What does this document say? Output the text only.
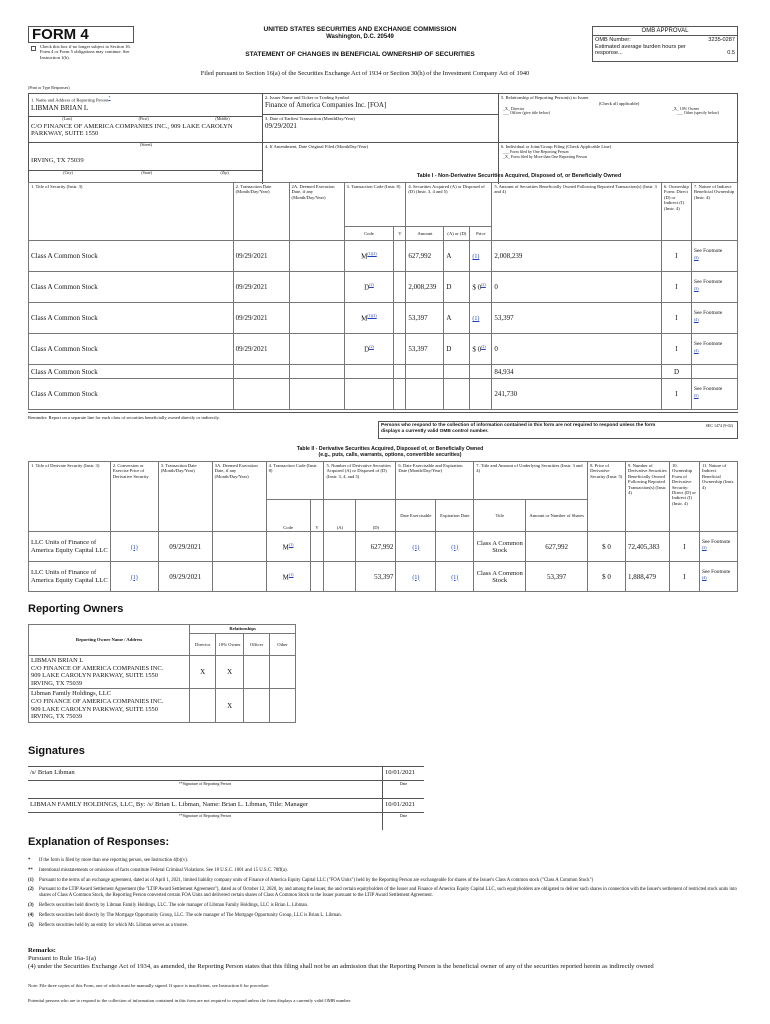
FORM 4
Check this box if no longer subject to Section 16. Form 4 or Form 5 obligations may continue. See Instruction 1(b).
UNITED STATES SECURITIES AND EXCHANGE COMMISSION
Washington, D.C. 20549
STATEMENT OF CHANGES IN BENEFICIAL OWNERSHIP OF SECURITIES
Filed pursuant to Section 16(a) of the Securities Exchange Act of 1934 or Section 30(h) of the Investment Company Act of 1940
OMB APPROVAL
OMB Number:	3235-0287
Estimated average burden hours per response...	0.5
(Print or Type Responses)
1. Name and Address of Reporting Person*
LIBMAN BRIAN L
(Last)	(First)	(Middle)
C/O FINANCE OF AMERICA COMPANIES INC., 909 LAKE CAROLYN PARKWAY, SUITE 1550
(Street)
IRVING, TX 75039
(City)	(State)	(Zip)
2. Issuer Name and Ticker or Trading Symbol
Finance of America Companies Inc. [FOA]
3. Date of Earliest Transaction (MonthDay/Year)
09/29/2021
4. If Amendment, Date Original Filed (MonthDay/Year)
5. Relationship of Reporting Person(s) to Issuer
(Check all applicable)
_X_ Director	_X_ 10% Owner
___ Officer (give title below)	___ Other (specify below)
6. Individual or Joint/Group Filing (Check Applicable Line)
___ Form filed by One Reporting Person
_X_ Form filed by More than One Reporting Person
Table I - Non-Derivative Securities Acquired, Disposed of, or Beneficially Owned
1. Title of Security (Instr. 3)	2. Transaction Date (Month/Day/Year)	2A. Deemed Execution Date, if any (Month/Day/Year)	3. Transaction Code (Instr. 8)		4. Securities Acquired (A) or Disposed of (D) (Instr. 3, 4 and 5)			5. Amount of Securities Beneficially Owned Following Reported Transaction(s) (Instr. 3 and 4)	6. Ownership Form: Direct (D) or Indirect (I) (Instr. 4)	7. Nature of Indirect Beneficial Ownership (Instr. 4)
			Code	V	Amount	(A) or (D)	Price			
Class A Common Stock	09/29/2021		$M^{(1)(2)}$		627,992	A	(1)	2,008,239	I	See Footnote
$^{(3)}$
Class A Common Stock	09/29/2021		$D^{(2)}$		2,008,239	D	$ 0$^{(2)}$	0	I	See Footnote
$^{(3)}$
Class A Common Stock	09/29/2021		$M^{(1)(2)}$		53,397	A	(1)	53,397	I	See Footnote
$^{(4)}$
Class A Common Stock	09/29/2021		$D^{(2)}$		53,397	D	$ 0$^{(2)}$	0	I	See Footnote
$^{(4)}$
Class A Common Stock								84,934	D	
Class A Common Stock								241,730	I	See Footnote
$^{(5)}$
Reminder: Report on a separate line for each class of securities beneficially owned directly or indirectly.
Persons who respond to the collection of information contained in this form are not required to respond unless the form displays a currently valid OMB control number.
SEC 1474 (9-02)
Table II - Derivative Securities Acquired, Disposed of, or Beneficially Owned
(e.g., puts, calls, warrants, options, convertible securities)
1. Title of Derivate Security (Instr. 3)	2. Conversion or Exercise Price of Derivative Security	3. Transaction Date (Month/Day/Year)	3A. Deemed Execution Date, if any (Month/Day/Year)	4. Transaction Code (Instr. 8)		5. Number of Derivative Securities Acquired (A) or Disposed of (D) (Instr. 3, 4, and 5)		6. Date Exercisable and Expiration Date (Month/Day/Year)		7. Title and Amount of Underlying Securities (Instr. 3 and 4)		8. Price of Derivative Security (Instr. 5)	9. Number of Derivative Securities Beneficially Owned Following Reported Transaction(s) (Instr. 4)	10. Ownership Form of Derivative Security: Direct (D) or Indirect (I) (Instr. 4)	11. Nature of Indirect Beneficial Ownership (Instr. 4)
				Code	V	(A)	(D)	Date Exercisable	Expiration Date	Title	Amount or Number of Shares				
LLC Units of Finance of America Equity Capital LLC	(1)	09/29/2021		$M^{(1)}$			627,992	(1)	(1)	Class A Common Stock	627,992	$ 0	72,405,383	I	See Footnote
$^{(3)}$
LLC Units of Finance of America Equity Capital LLC	(1)	09/29/2021		$M^{(1)}$			53,397	(1)	(1)	Class A Common Stock	53,397	$ 0	1,888,479	I	See Footnote
$^{(4)}$
Reporting Owners
Reporting Owner Name / Address	Relationships			
	Director	10% Owner	Officer	Other
LIBMAN BRIAN L
C/O FINANCE OF AMERICA COMPANIES INC.
909 LAKE CAROLYN PARKWAY, SUITE 1550
IRVING, TX 75039	X	X		
Libman Family Holdings, LLC
C/O FINANCE OF AMERICA COMPANIES INC.
909 LAKE CAROLYN PARKWAY, SUITE 1550
IRVING, TX 75039		X		
Signatures
/s/ Brian Libman	10/01/2021
**Signature of Reporting Person	Date
LIBMAN FAMILY HOLDINGS, LLC, By: /s/ Brian L. Libman, Name: Brian L. Libman, Title: Manager	10/01/2021
**Signature of Reporting Person	Date
Explanation of Responses:
*	If the form is filed by more than one reporting person, see Instruction 4(b)(v).
**	Intentional misstatements or omissions of facts constitute Federal Criminal Violations. See 18 U.S.C. 1001 and 15 U.S.C. 78ff(a).
(1)	Pursuant to the terms of an exchange agreement, dated as of April 1, 2021, limited liability company units of Finance of America Equity Capital LLC ("FOA Units") held by the Reporting Person are exchangeable for shares of the Issuer's Class A common stock ("Class A Common Stock")
(2)	Pursuant to the LTIP Award Settlement Agreement (the "LTIP Award Settlement Agreement"), dated as of October 12, 2020, by and among the Issuer, the and certain equityholders of the Issuer and Finance of America Equity Capital LLC, such equityholders are obligated to deliver such shares in connection with the Issuer's settlement of restricted stock units into shares of Class A Common Stock, the Reporting Person converted certain FOA Units and delivered certain shares of Class A Common Stock to the Issuer pursuant to the LTIP Award Settlement Agreement.
(3)	Reflects securities held directly by Libman Family Holdings, LLC. The sole manager of Libman Family Holdings, LLC is Brian L. Libman.
(4)	Reflects securities held directly by The Mortgage Opportunity Group, LLC. The sole manager of The Mortgage Opportunity Group, LLC is Brian L. Libman.
(5)	Reflects securities held by an entity for which Mr. Libman serves as a trustee.
Remarks:
Pursuant to Rule 16a-1(a)
(4) under the Securities Exchange Act of 1934, as amended, the Reporting Person states that this filing shall not be an admission that the Reporting Person is the beneficial owner of any of the securities reported herein as indirectly owned
Note: File three copies of this Form, one of which must be manually signed. If space is insufficient, see Instruction 6 for procedure.
Potential persons who are to respond to the collection of information contained in this form are not required to respond unless the form displays a currently valid OMB number.
